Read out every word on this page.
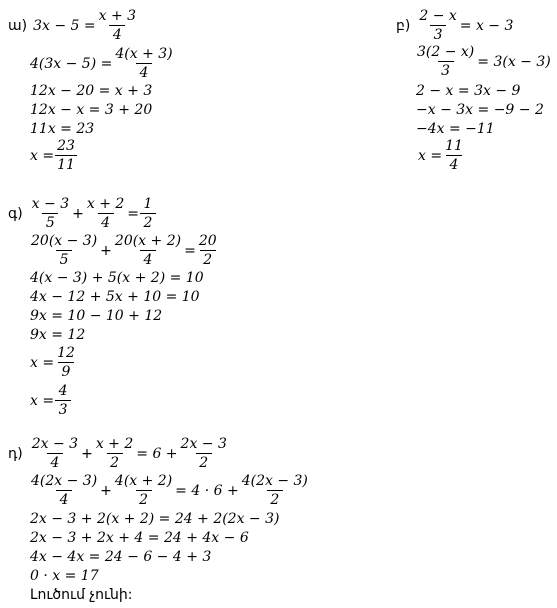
ա) $3x - 5 = \frac{x + 3}{4}$
$4(3x - 5) = \frac{4(x + 3)}{4}$
12x − 20 = x + 3
12x − x = 3 + 20
11x = 23
$x = \frac{23}{11}$
բ) $\frac{2 - x}{3} = x - 3$
$\frac{3(2 - x)}{3} = 3(x - 3)$
2 − x = 3x − 9
−x − 3x = −9 − 2
−4x = −11
$x = \frac{11}{4}$
գ) $\frac{x - 3}{5} + \frac{x + 2}{4} = \frac{1}{2}$
$\frac{20(x - 3)}{5} + \frac{20(x + 2)}{4} = \frac{20}{2}$
4(x − 3) + 5(x + 2) = 10
4x − 12 + 5x + 10 = 10
9x = 10 − 10 + 12
9x = 12
$x = \frac{12}{9}$
$x = \frac{4}{3}$
դ) $\frac{2x - 3}{4} + \frac{x + 2}{2} = 6 + \frac{2x - 3}{2}$
$\frac{4(2x - 3)}{4} + \frac{4(x + 2)}{2} = 4 \cdot 6 + \frac{4(2x - 3)}{2}$
2x − 3 + 2(x + 2) = 24 + 2(2x − 3)
2x − 3 + 2x + 4 = 24 + 4x − 6
4x − 4x = 24 − 6 − 4 + 3
0 · x = 17
Լուծում չունի:
